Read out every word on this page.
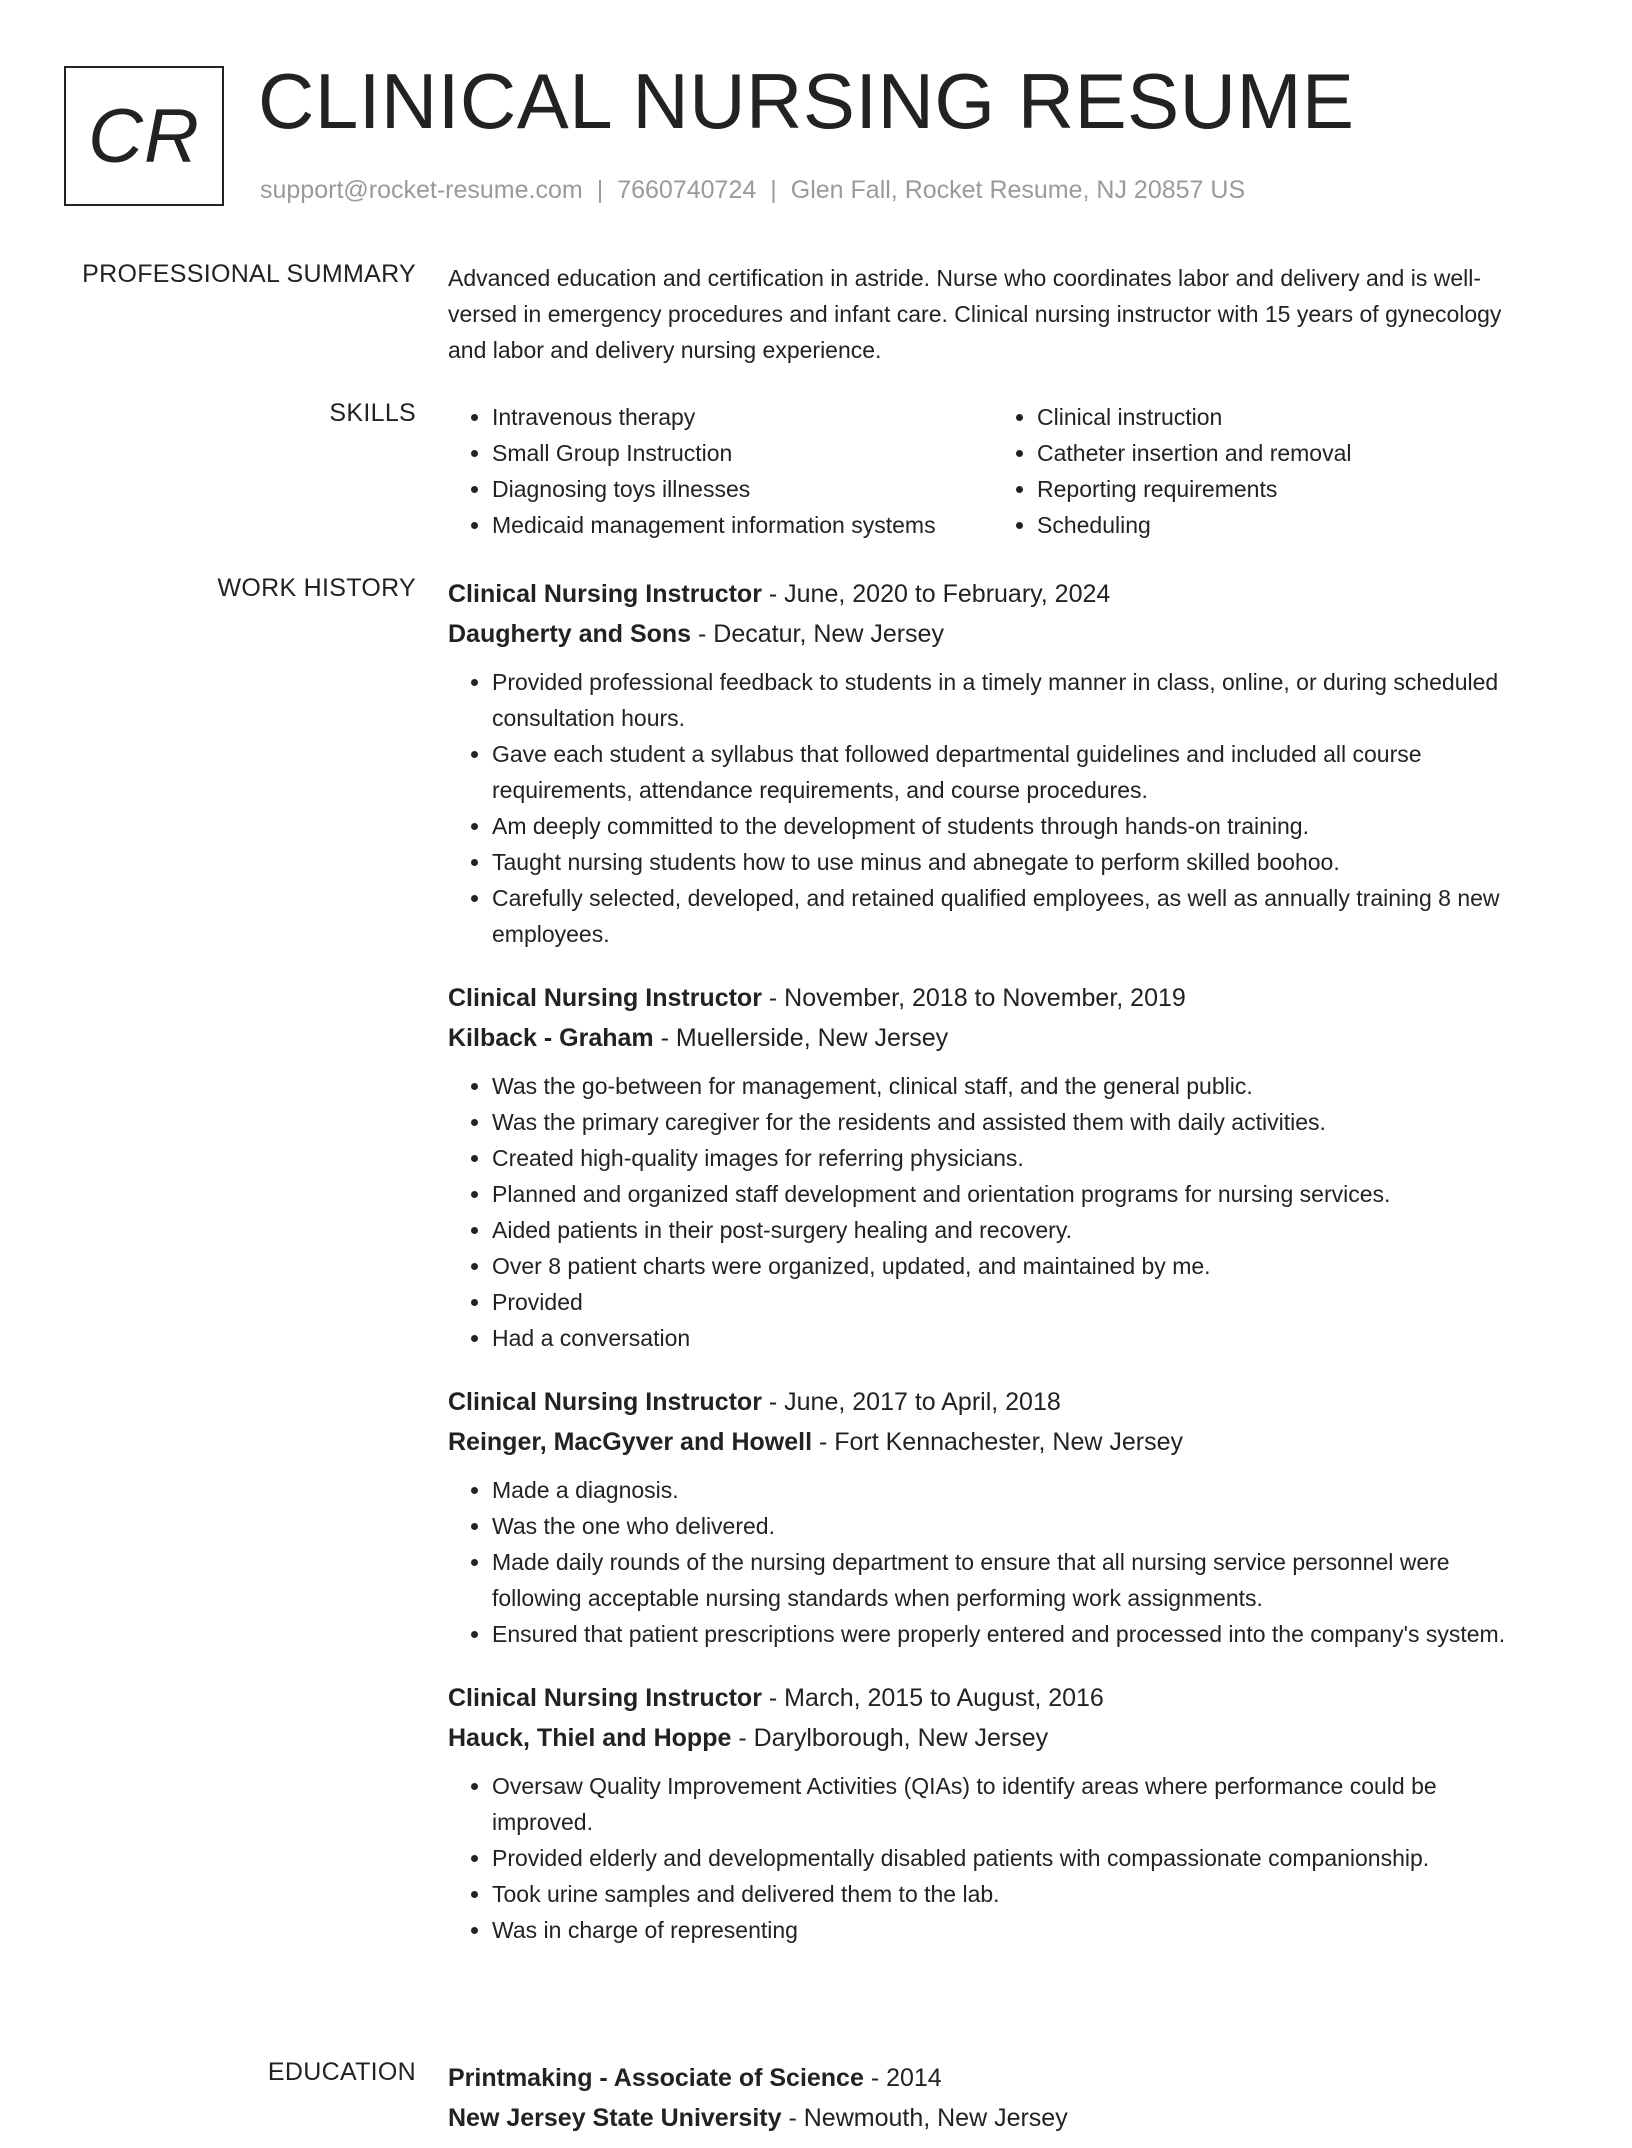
CR CLINICAL NURSING RESUME
support@rocket-resume.com | 7660740724 | Glen Fall, Rocket Resume, NJ 20857 US
PROFESSIONAL SUMMARY Advanced education and certification in astride. Nurse who coordinates labor and delivery and is well-versed in emergency procedures and infant care. Clinical nursing instructor with 15 years of gynecology and labor and delivery nursing experience.

SKILLS
•	Intravenous therapy
• Small Group Instruction
• Diagnosing toys illnesses
• Medicaid management information systems
• Clinical instruction
• Catheter insertion and removal
• Reporting requirements
• Scheduling
WORK HISTORY Clinical Nursing Instructor - June, 2020 to February, 2024
Daugherty and Sons - Decatur, New Jersey
• Provided professional feedback to students in a timely manner in class, online, or during scheduled consultation hours.
• Gave each student a syllabus that followed departmental guidelines and included all course requirements, attendance requirements, and course procedures.
• Am deeply committed to the development of students through hands-on training.
• Taught nursing students how to use minus and abnegate to perform skilled boohoo.
• Carefully selected, developed, and retained qualified employees, as well as annually training 8 new employees.
Clinical Nursing Instructor - November, 2018 to November, 2019
Kilback - Graham - Muellerside, New Jersey
• Was the go-between for management, clinical staff, and the general public.
• Was the primary caregiver for the residents and assisted them with daily activities.
• Created high-quality images for referring physicians.
• Planned and organized staff development and orientation programs for nursing services.
• Aided patients in their post-surgery healing and recovery.
• Over 8 patient charts were organized, updated, and maintained by me.
• Provided
• Had a conversation
Clinical Nursing Instructor - June, 2017 to April, 2018
Reinger, MacGyver and Howell - Fort Kennachester, New Jersey
• Made a diagnosis.
• Was the one who delivered.
• Made daily rounds of the nursing department to ensure that all nursing service personnel were following acceptable nursing standards when performing work assignments.
• Ensured that patient prescriptions were properly entered and processed into the company's system.
Clinical Nursing Instructor - March, 2015 to August, 2016
Hauck, Thiel and Hoppe - Darylborough, New Jersey
• Oversaw Quality Improvement Activities (QIAs) to identify areas where performance could be improved.
• Provided elderly and developmentally disabled patients with compassionate companionship.
• Took urine samples and delivered them to the lab.
• Was in charge of representing
EDUCATION Printmaking - Associate of Science - 2014
New Jersey State University - Newmouth, New Jersey
